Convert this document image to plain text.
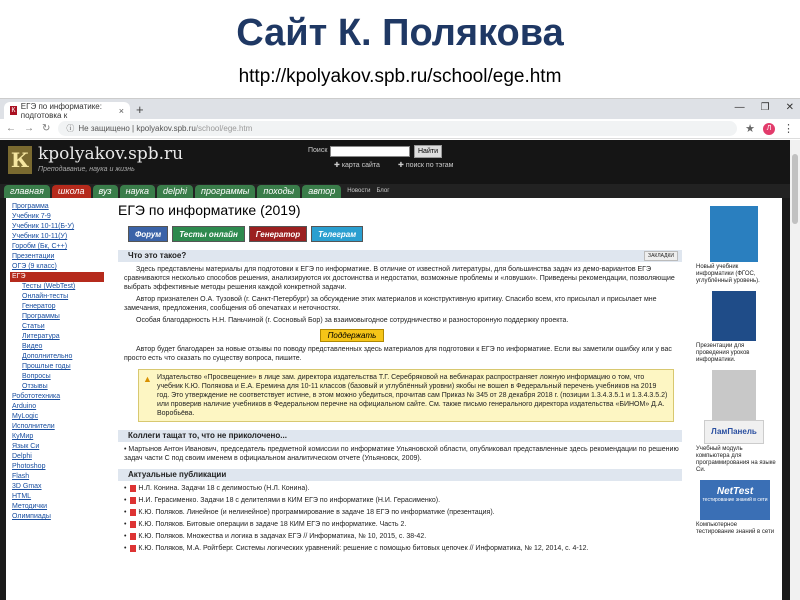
Сайт К. Полякова
http://kpolyakov.spb.ru/school/ege.htm
К ЕГЭ по информатике: подготовка к	× +	— ❐ ✕
← → ↻ ⓘ Не защищено | kpolyakov.spb.ru /school/ege.htm	★	Л	⋮
К kpolyakov.spb.ru
Преподавание, наука и жизнь
Поиск	Найти
✚ карта сайта	✚ поиск по тэгам
главная	школа	вуз	наука	delphi	программы	походы	автор	Новости Блог
Программа
Учебник 7-9
Учебник 10-11(Б-У)
Учебник 10-11(У)
Горобм (Бк, C++)
Презентации
ОГЭ (9 класс)
ЕГЭ
Тесты (WebTest)
Онлайн-тесты
Генератор
Программы
Статьи
Литература
Видео
Дополнительно
Прошлые годы
Вопросы
Отзывы
Робототехника
Arduino
MyLogic
Исполнители
КуМир
Язык Си
Delphi
Photoshop
Flash
3D Gmax
HTML
Методички
Олимпиады
ЕГЭ по информатике (2019)
Форум	Тесты онлайн	Генератор	Телеграм
Что это такое?	ЗАКЛАДКИ

Здесь представлены материалы для подготовки к ЕГЭ по информатике. В отличие от известной литературы, для большинства задач из демо-вариантов ЕГЭ сравниваются несколько способов решения, анализируются их достоинства и недостатки, возможные проблемы и «ловушки». Приведены рекомендации, позволяющие выбрать эффективные методы решения каждой конкретной задачи.

Автор признателен О.А. Тузовой (г. Санкт-Петербург) за обсуждение этих материалов и конструктивную критику. Спасибо всем, кто присылал и присылает мне замечания, предложения, сообщения об опечатках и неточностях.

Особая благодарность Н.Н. Паньчиной (г. Сосновый Бор) за взаимовыгодное сотрудничество и разносторонную поддержку проекта.

Поддержать

Автор будет благодарен за новые отзывы по поводу представленных здесь материалов для подготовки к ЕГЭ по информатике. Если вы заметили ошибку или у вас просто есть что сказать по существу вопроса, пишите.

▲ Издательство «Просвещение» в лице зам. директора издательства Т.Г. Серебряковой на вебинарах распространяет ложную информацию о том, что учебник К.Ю. Полякова и Е.А. Еремина для 10-11 классов (базовый и углублённый уровни) якобы не вошел в Федеральный перечень учебников на 2019 год. Это утверждение не соответствует истине, в этом можно убедиться, прочитав сам Приказ № 345 от 28 декабря 2018 г. (позиции 1.3.4.3.5.1 и 1.3.4.3.5.2) или проверив наличие учебников в Федеральном перечне на официальном сайте. См. также письмо генерального директора издательства «БИНОМ» Д.А. Воробьёва.

Коллеги тащат то, что не приколочено...

• Мартынов Антон Иванович, председатель предметной комиссии по информатике Ульяновской области, опубликовал представленные здесь рекомендации по решению задач части С под своим именем в официальном аналитическом отчете (Ульяновск, 2009).

Актуальные публикации

• Н.Л. Конина. Задачи 18 с делимостью (Н.Л. Конина).

• Н.И. Герасименко. Задачи 18 с делителями в КИМ ЕГЭ по информатике (Н.И. Герасименко).

• К.Ю. Поляков. Линейное (и нелинейное) программирование в задаче 18 ЕГЭ по информатике (презентация).

• К.Ю. Поляков. Битовые операции в задаче 18 КИМ ЕГЭ по информатике. Часть 2.

• К.Ю. Поляков. Множества и логика в задачах ЕГЭ // Информатика, № 10, 2015, с. 38-42.

• К.Ю. Поляков, М.А. Ройтберг. Системы логических уравнений: решение с помощью битовых цепочек // Информатика, № 12, 2014, с. 4-12.

Новый учебник информатики (ФГОС, углублённый уровень).
Презентации для проведения уроков информатики.
ЛамПанель
Учебный модуль компьютера для программирования на языке Си.
NetTest
тестирование знаний в сети
Компьютерное тестирование знаний в сети
